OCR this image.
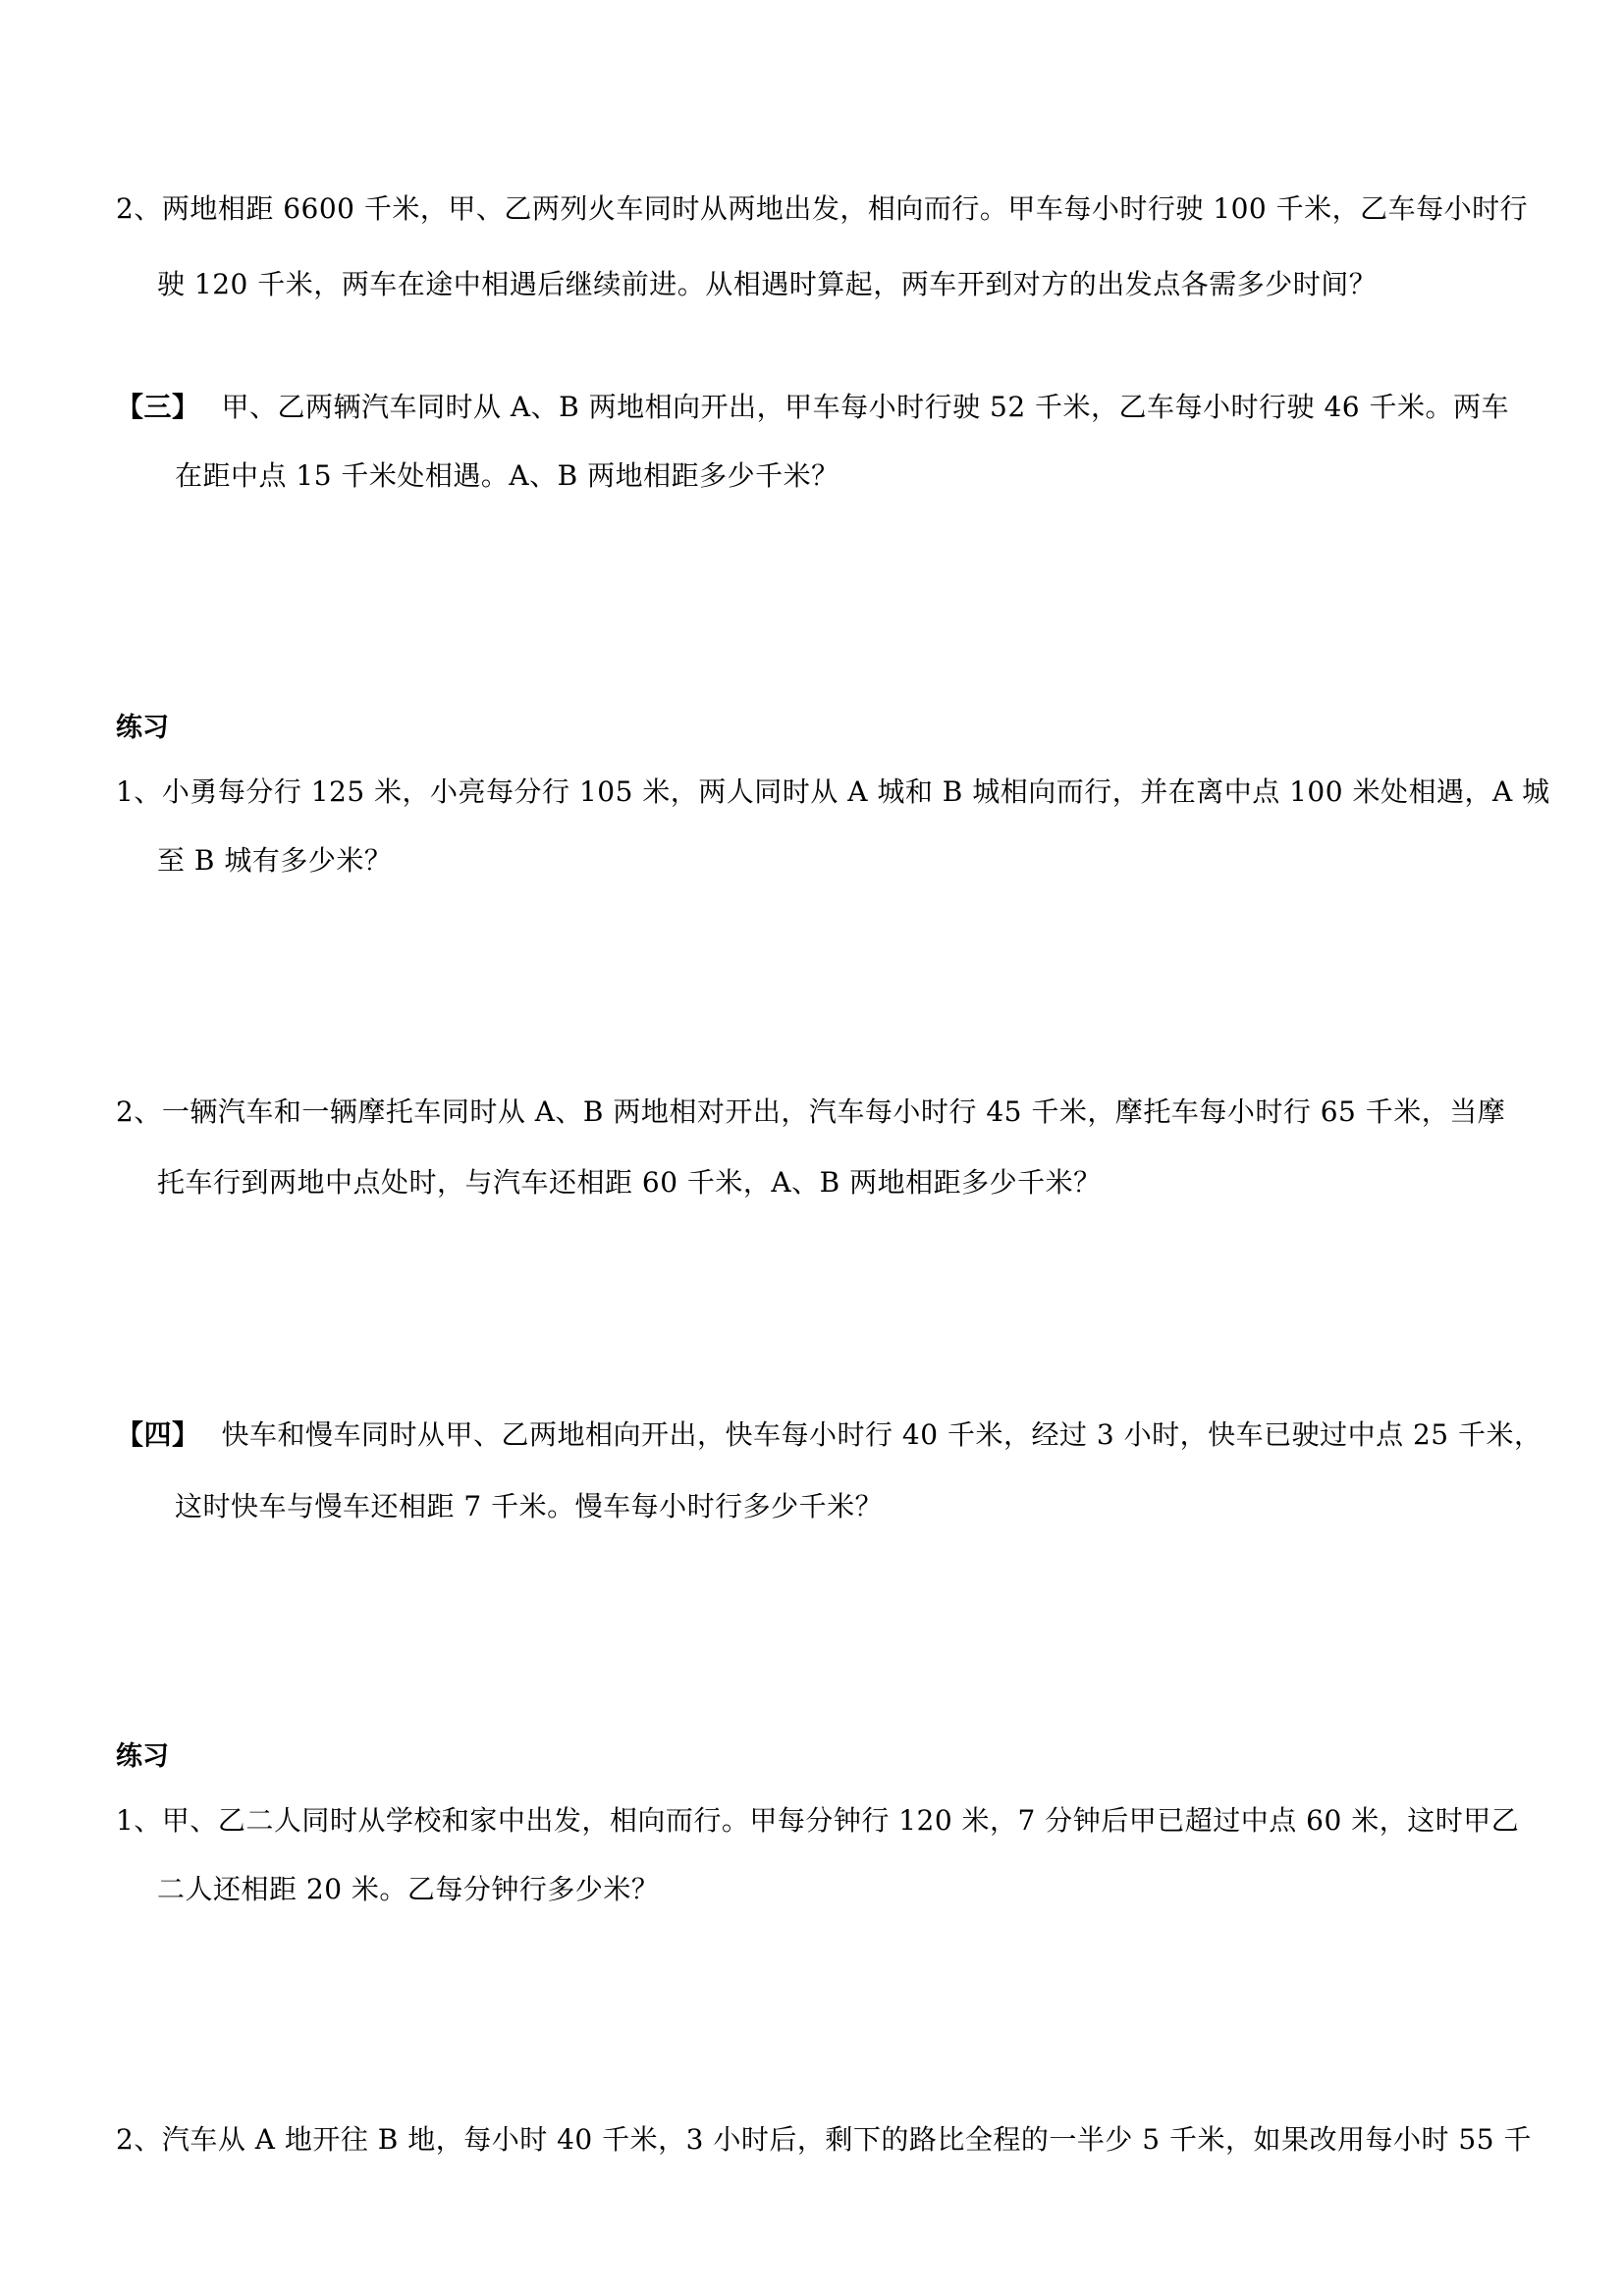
2、两地相距 6600 千米，甲、乙两列火车同时从两地出发，相向而行。甲车每小时行驶 100 千米，乙车每小时行
驶 120 千米，两车在途中相遇后继续前进。从相遇时算起，两车开到对方的出发点各需多少时间？
【三】 甲、乙两辆汽车同时从 A、B 两地相向开出，甲车每小时行驶 52 千米，乙车每小时行驶 46 千米。两车
在距中点 15 千米处相遇。A、B 两地相距多少千米？
练习
1、小勇每分行 125 米，小亮每分行 105 米，两人同时从 A 城和 B 城相向而行，并在离中点 100 米处相遇，A 城
至 B 城有多少米？
2、一辆汽车和一辆摩托车同时从 A、B 两地相对开出，汽车每小时行 45 千米，摩托车每小时行 65 千米，当摩
托车行到两地中点处时，与汽车还相距 60 千米，A、B 两地相距多少千米？
【四】 快车和慢车同时从甲、乙两地相向开出，快车每小时行 40 千米，经过 3 小时，快车已驶过中点 25 千米，
这时快车与慢车还相距 7 千米。慢车每小时行多少千米？
练习
1、甲、乙二人同时从学校和家中出发，相向而行。甲每分钟行 120 米，7 分钟后甲已超过中点 60 米，这时甲乙
二人还相距 20 米。乙每分钟行多少米？
2、汽车从 A 地开往 B 地，每小时 40 千米，3 小时后，剩下的路比全程的一半少 5 千米，如果改用每小时 55 千
